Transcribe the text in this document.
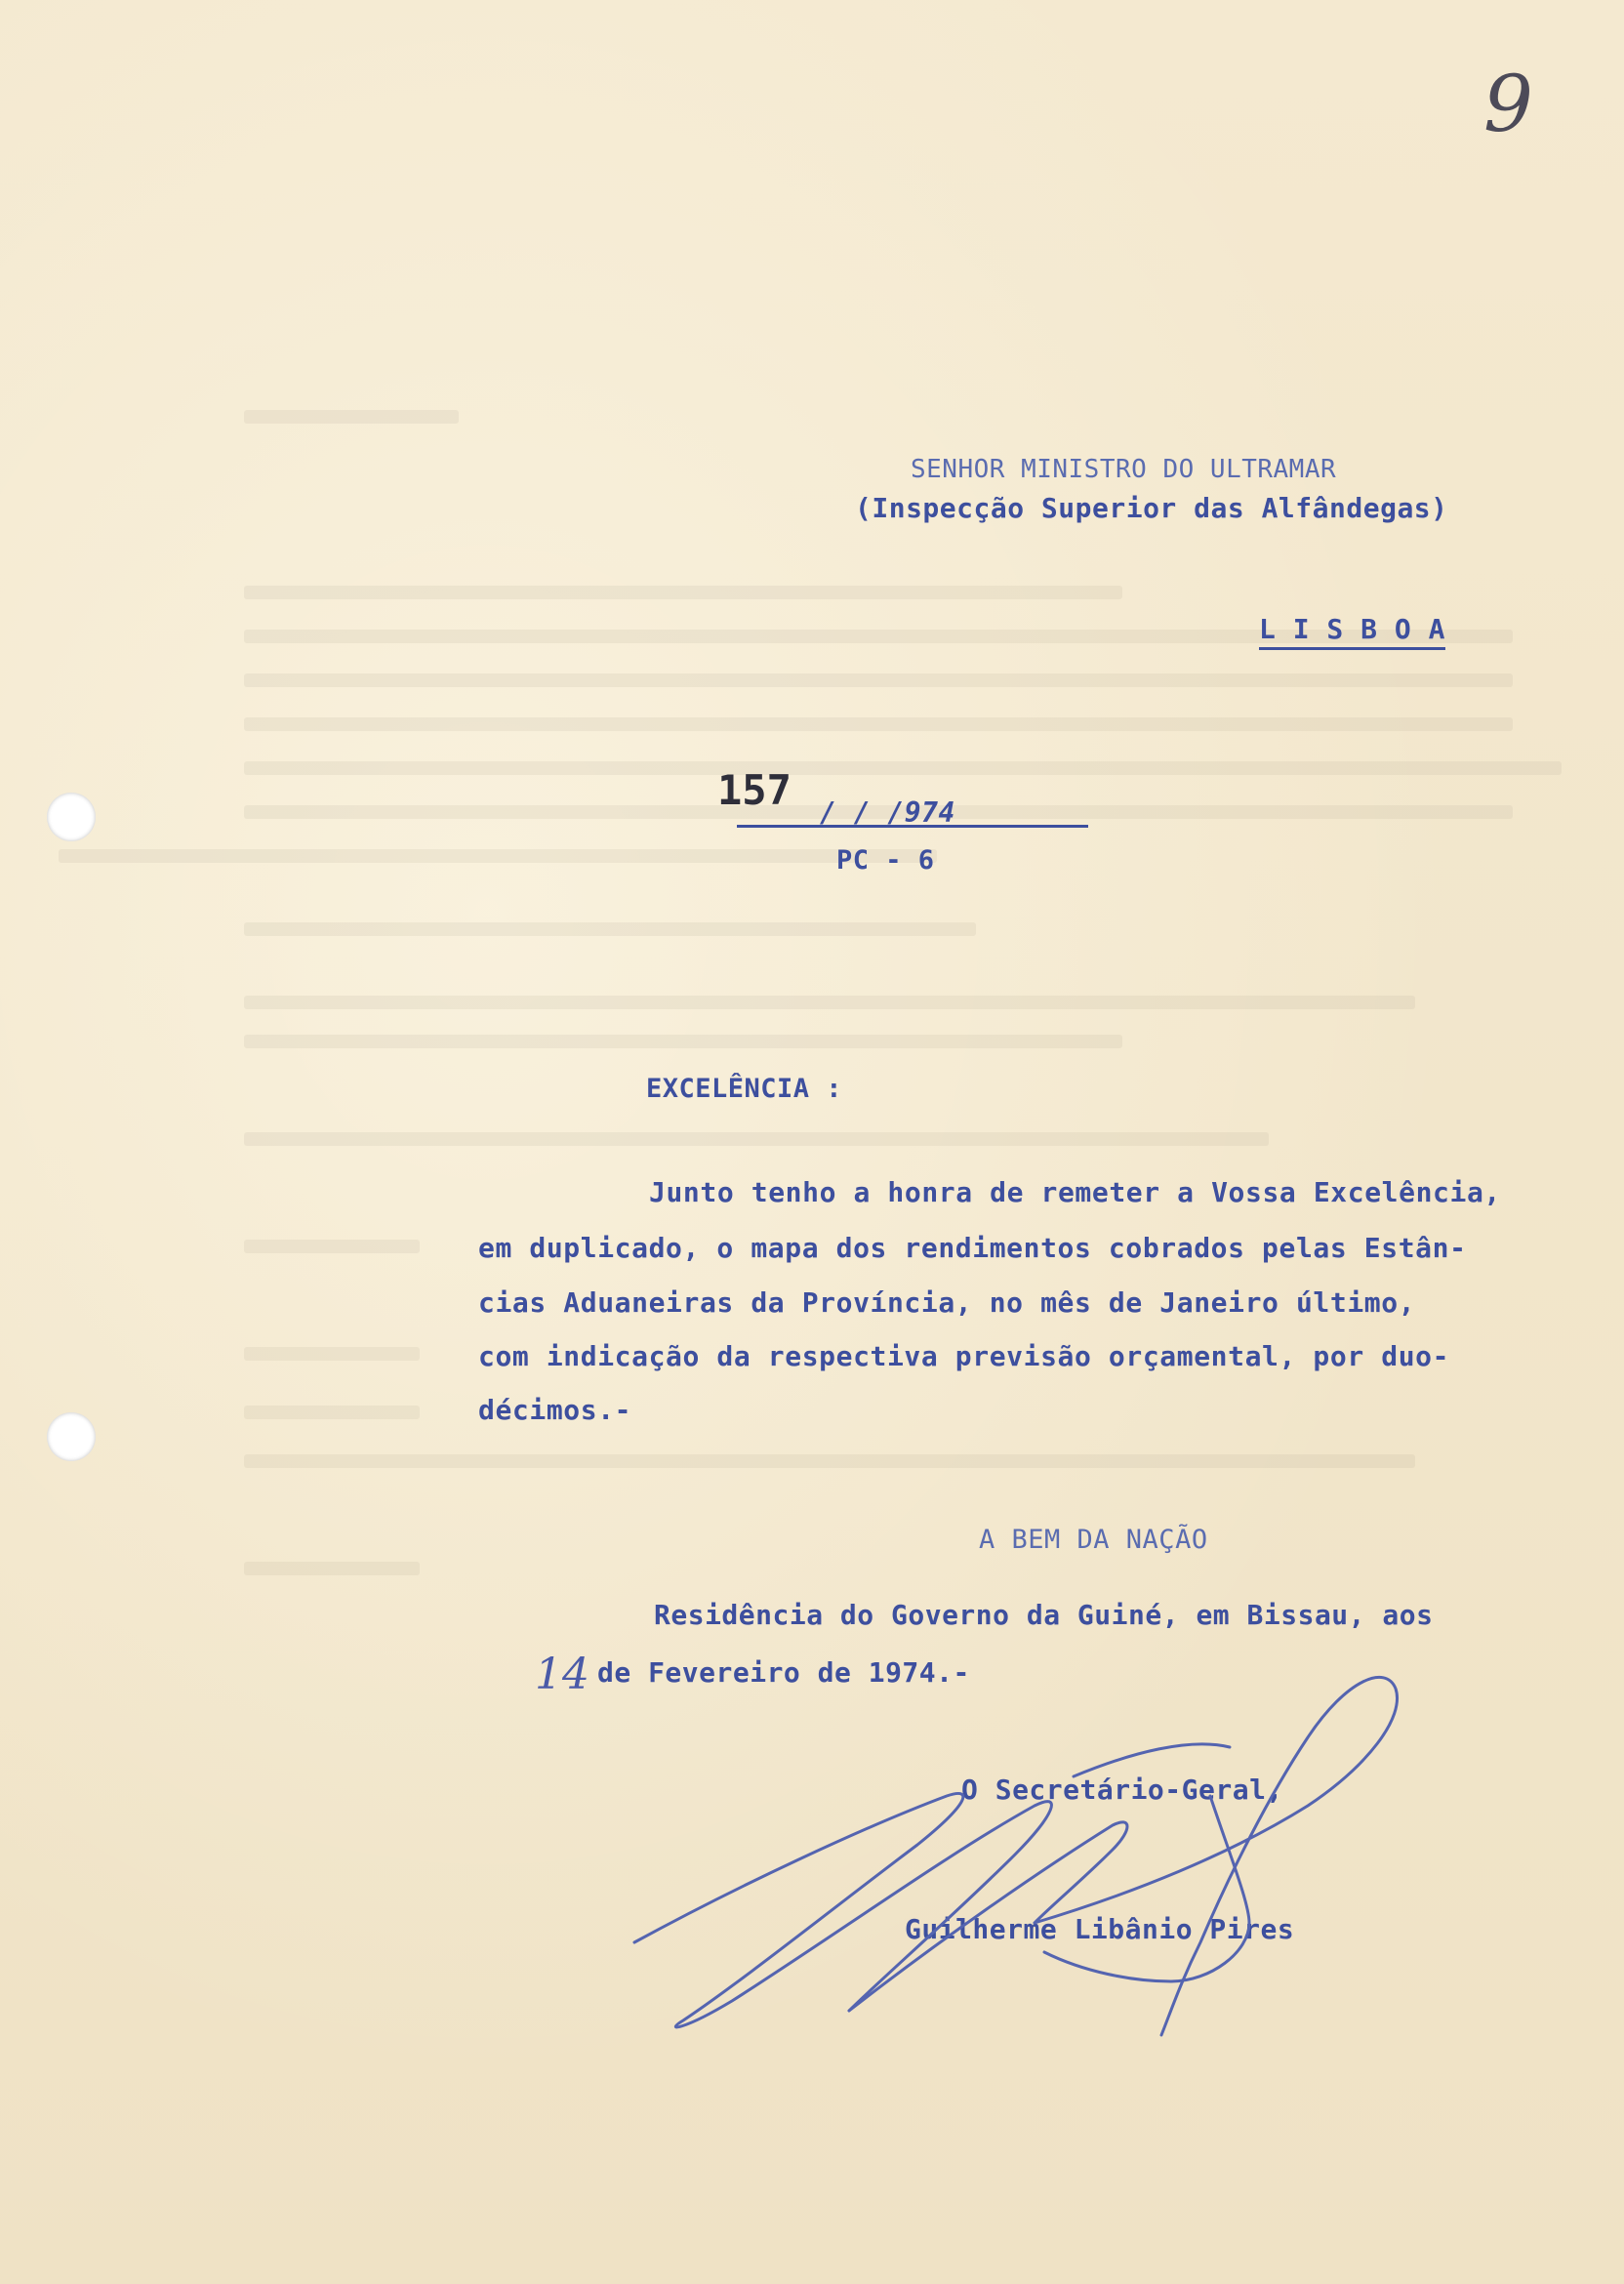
9
SENHOR MINISTRO DO ULTRAMAR
(Inspecção Superior das Alfândegas)
L I S B O A
157 / / /974
PC - 6
EXCELÊNCIA :
Junto tenho a honra de remeter a Vossa Excelência,
em duplicado, o mapa dos rendimentos cobrados pelas Estân-
cias Aduaneiras da Província, no mês de Janeiro último,
com indicação da respectiva previsão orçamental, por duo-
décimos.-
A BEM DA NAÇÃO
Residência do Governo da Guiné, em Bissau, aos
14 de Fevereiro de 1974.-
O Secretário-Geral,
Guilherme Libânio Pires
